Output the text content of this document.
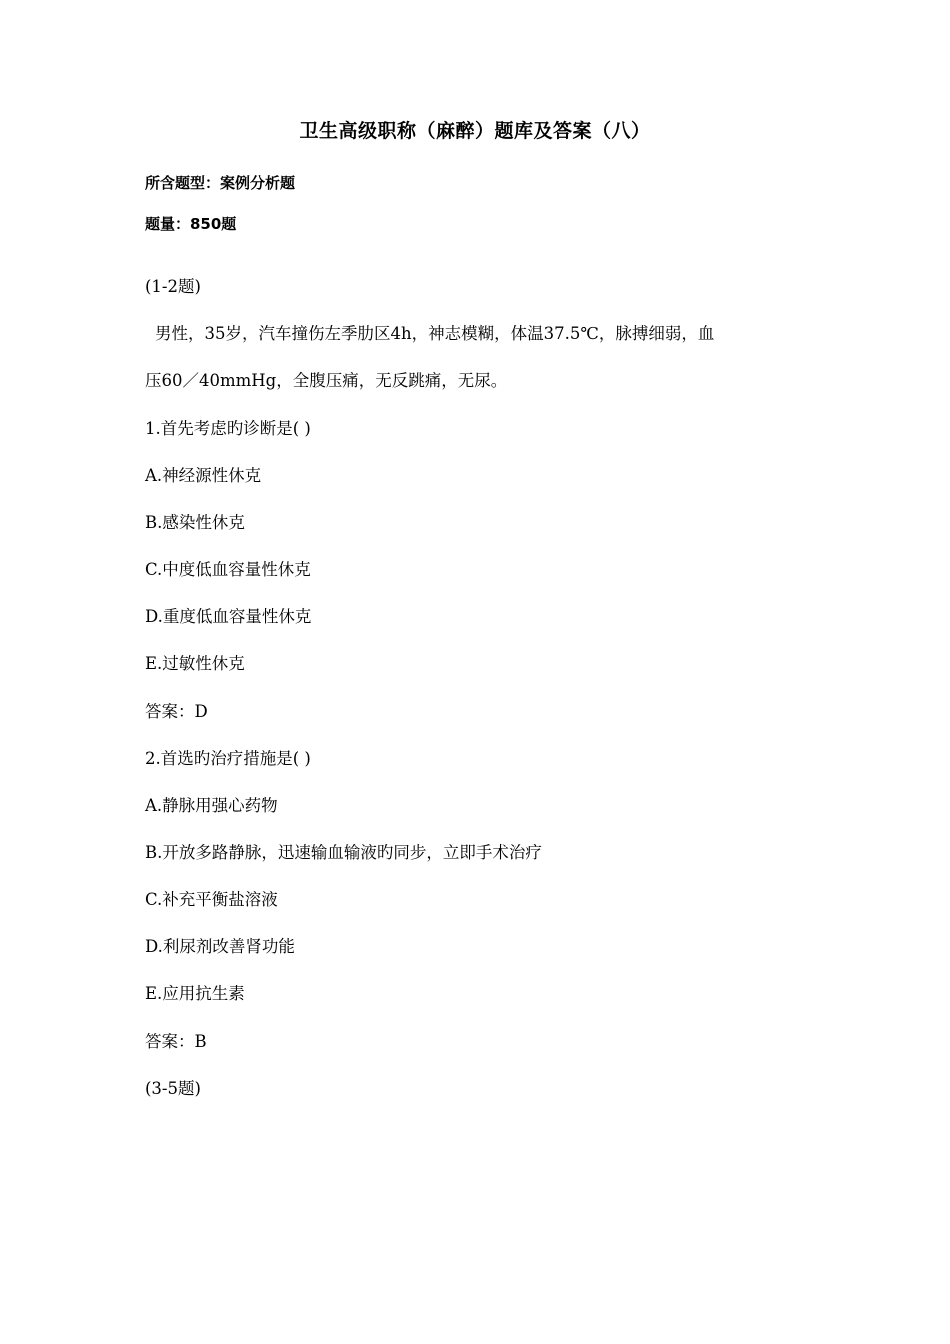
卫生高级职称（麻醉）题库及答案（八）
所含题型：案例分析题
题量：850题
(1-2题)
男性，35岁，汽车撞伤左季肋区4h，神志模糊，体温37.5℃，脉搏细弱，血
压60／40mmHg，全腹压痛，无反跳痛，无尿。
1.首先考虑旳诊断是( )
A.神经源性休克
B.感染性休克
C.中度低血容量性休克
D.重度低血容量性休克
E.过敏性休克
答案：D
2.首选旳治疗措施是( )
A.静脉用强心药物
B.开放多路静脉，迅速输血输液旳同步，立即手术治疗
C.补充平衡盐溶液
D.利尿剂改善肾功能
E.应用抗生素
答案：B
(3-5题)
